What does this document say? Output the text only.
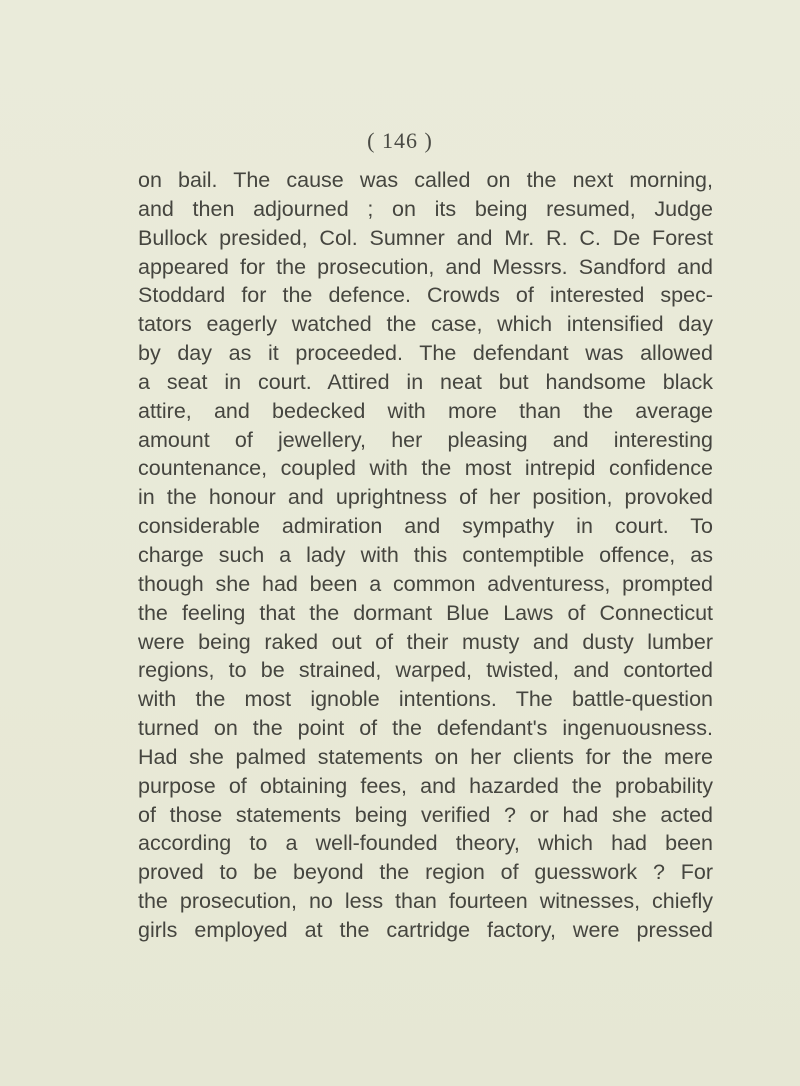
( 146 )
on bail. The cause was called on the next morning,
and then adjourned ; on its being resumed, Judge
Bullock presided, Col. Sumner and Mr. R. C. De Forest
appeared for the prosecution, and Messrs. Sandford and
Stoddard for the defence. Crowds of interested spec-
tators eagerly watched the case, which intensified day
by day as it proceeded. The defendant was allowed
a seat in court. Attired in neat but handsome black
attire, and bedecked with more than the average
amount of jewellery, her pleasing and interesting
countenance, coupled with the most intrepid confidence
in the honour and uprightness of her position, provoked
considerable admiration and sympathy in court. To
charge such a lady with this contemptible offence, as
though she had been a common adventuress, prompted
the feeling that the dormant Blue Laws of Connecticut
were being raked out of their musty and dusty lumber
regions, to be strained, warped, twisted, and contorted
with the most ignoble intentions. The battle-question
turned on the point of the defendant's ingenuousness.
Had she palmed statements on her clients for the mere
purpose of obtaining fees, and hazarded the probability
of those statements being verified ? or had she acted
according to a well-founded theory, which had been
proved to be beyond the region of guesswork ? For
the prosecution, no less than fourteen witnesses, chiefly
girls employed at the cartridge factory, were pressed
